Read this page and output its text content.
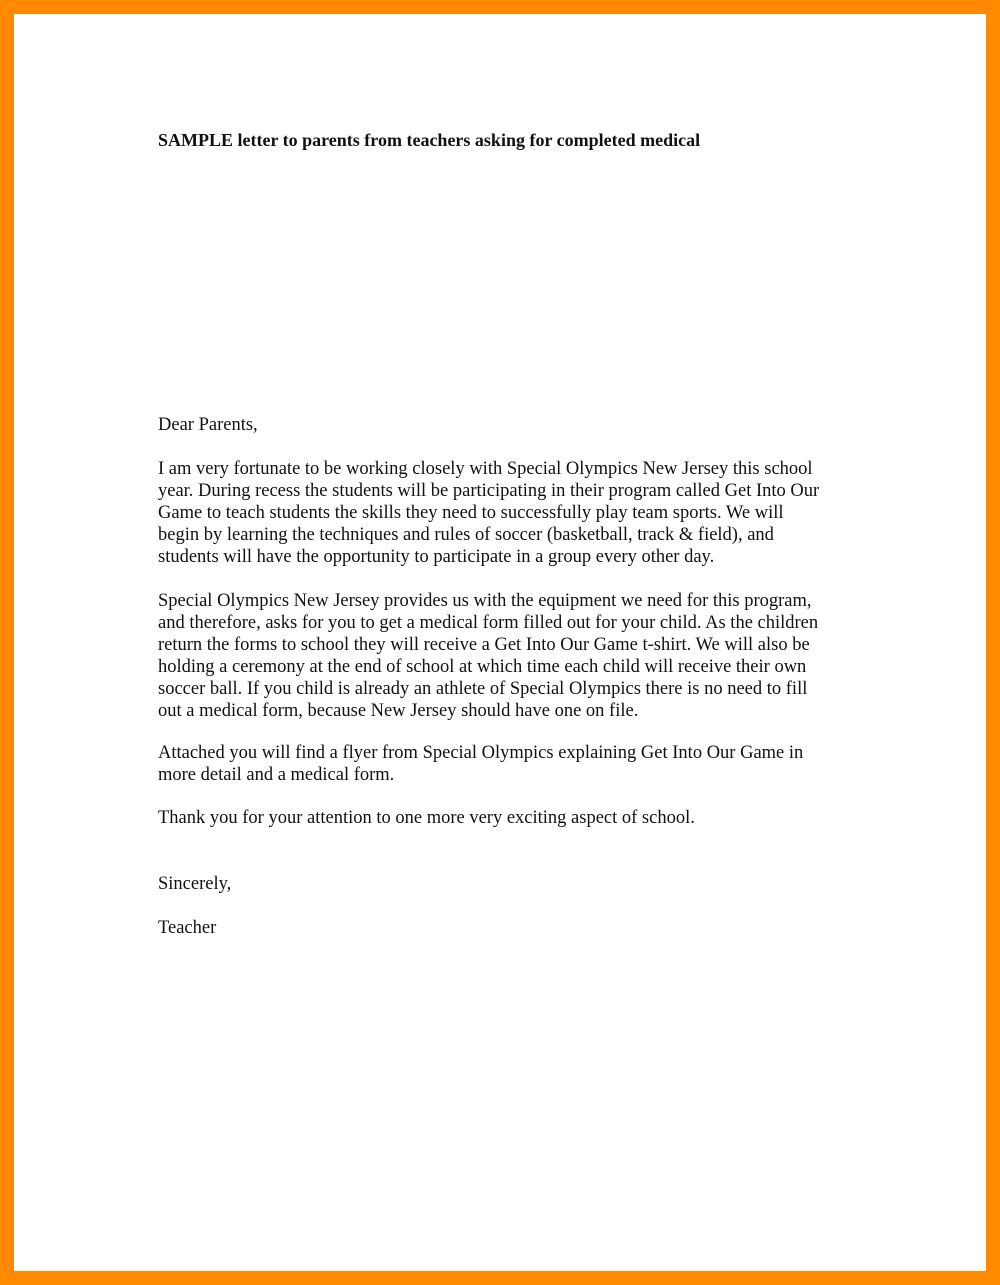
SAMPLE letter to parents from teachers asking for completed medical

Dear Parents,

I am very fortunate to be working closely with Special Olympics New Jersey this school
year. During recess the students will be participating in their program called Get Into Our
Game to teach students the skills they need to successfully play team sports. We will
begin by learning the techniques and rules of soccer (basketball, track & field), and
students will have the opportunity to participate in a group every other day.

Special Olympics New Jersey provides us with the equipment we need for this program,
and therefore, asks for you to get a medical form filled out for your child. As the children
return the forms to school they will receive a Get Into Our Game t-shirt. We will also be
holding a ceremony at the end of school at which time each child will receive their own
soccer ball. If you child is already an athlete of Special Olympics there is no need to fill
out a medical form, because New Jersey should have one on file.

Attached you will find a flyer from Special Olympics explaining Get Into Our Game in
more detail and a medical form.

Thank you for your attention to one more very exciting aspect of school.

Sincerely,

Teacher
